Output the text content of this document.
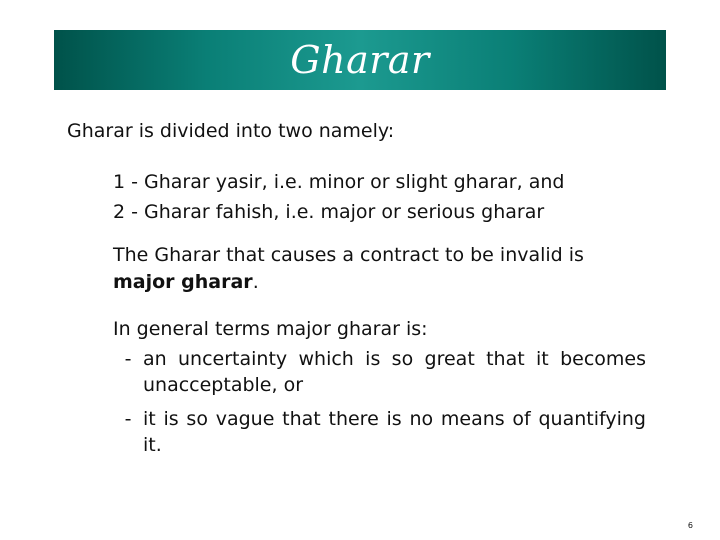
Gharar
Gharar is divided into two namely:
1 - Gharar yasir, i.e. minor or slight gharar, and
2 - Gharar fahish, i.e. major or serious gharar
The Gharar that causes a contract to be invalid is major gharar.
In general terms major gharar is:
- an uncertainty which is so great that it becomes unacceptable, or
- it is so vague that there is no means of quantifying it.
6
